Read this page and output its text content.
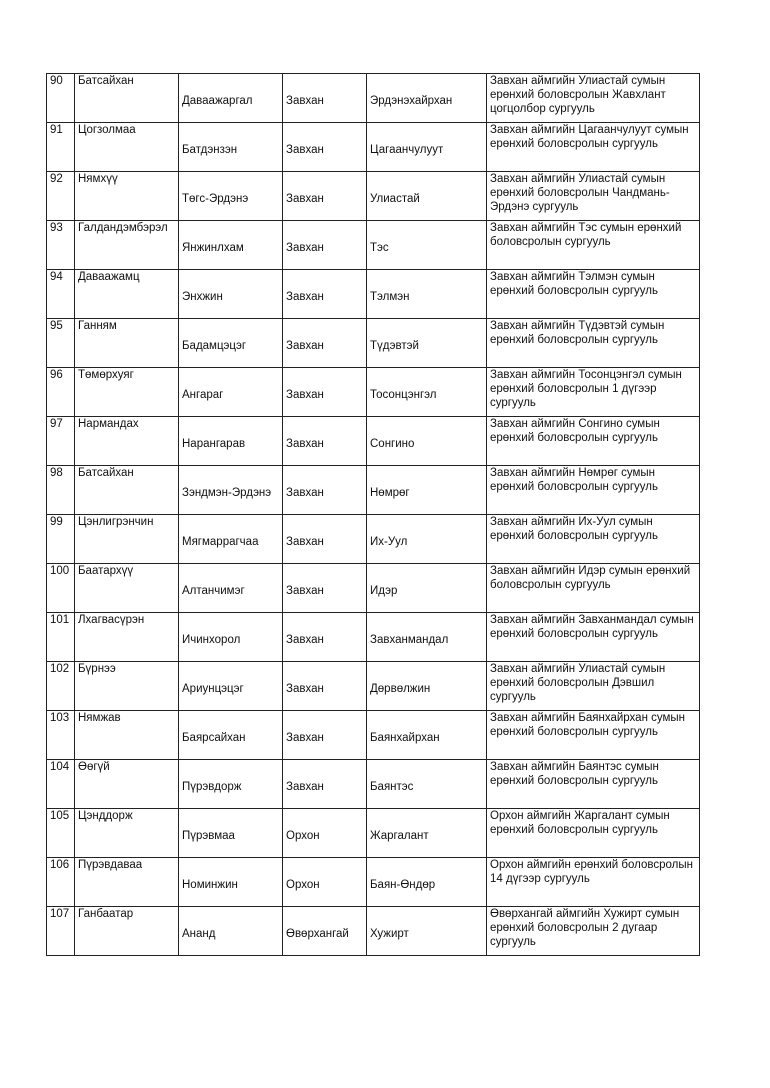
90	Батсайхан	Даваажаргал	Завхан	Эрдэнэхайрхан	Завхан аймгийн Улиастай сумын ерөнхий боловсролын Жавхлант цогцолбор сургууль
91	Цогзолмаа	Батдэнзэн	Завхан	Цагаанчулуут	Завхан аймгийн Цагаанчулуут сумын ерөнхий боловсролын сургууль
92	Нямхүү	Төгс-Эрдэнэ	Завхан	Улиастай	Завхан аймгийн Улиастай сумын ерөнхий боловсролын Чандмань-Эрдэнэ сургууль
93	Галдандэмбэрэл	Янжинлхам	Завхан	Тэс	Завхан аймгийн Тэс сумын ерөнхий боловсролын сургууль
94	Даваажамц	Энхжин	Завхан	Тэлмэн	Завхан аймгийн Тэлмэн сумын ерөнхий боловсролын сургууль
95	Ганням	Бадамцэцэг	Завхан	Түдэвтэй	Завхан аймгийн Түдэвтэй сумын ерөнхий боловсролын сургууль
96	Төмөрхуяг	Ангараг	Завхан	Тосонцэнгэл	Завхан аймгийн Тосонцэнгэл сумын ерөнхий боловсролын 1 дүгээр сургууль
97	Нармандах	Нарангарав	Завхан	Сонгино	Завхан аймгийн Сонгино сумын ерөнхий боловсролын сургууль
98	Батсайхан	Зэндмэн-Эрдэнэ	Завхан	Нөмрөг	Завхан аймгийн Нөмрөг сумын ерөнхий боловсролын сургууль
99	Цэнлигрэнчин	Мягмаррагчаа	Завхан	Их-Уул	Завхан аймгийн Их-Уул сумын ерөнхий боловсролын сургууль
100	Баатархүү	Алтанчимэг	Завхан	Идэр	Завхан аймгийн Идэр сумын ерөнхий боловсролын сургууль
101	Лхагвасүрэн	Ичинхорол	Завхан	Завханмандал	Завхан аймгийн Завханмандал сумын ерөнхий боловсролын сургууль
102	Бүрнээ	Ариунцэцэг	Завхан	Дөрвөлжин	Завхан аймгийн Улиастай сумын ерөнхий боловсролын Дэвшил сургууль
103	Нямжав	Баярсайхан	Завхан	Баянхайрхан	Завхан аймгийн Баянхайрхан сумын ерөнхий боловсролын сургууль
104	Өөгүй	Пүрэвдорж	Завхан	Баянтэс	Завхан аймгийн Баянтэс сумын ерөнхий боловсролын сургууль
105	Цэнддорж	Пүрэвмаа	Орхон	Жаргалант	Орхон аймгийн Жаргалант сумын ерөнхий боловсролын сургууль
106	Пүрэвдаваа	Номинжин	Орхон	Баян-Өндөр	Орхон аймгийн ерөнхий боловсролын 14 дүгээр сургууль
107	Ганбаатар	Ананд	Өвөрхангай	Хужирт	Өвөрхангай аймгийн Хужирт сумын ерөнхий боловсролын 2 дугаар сургууль
